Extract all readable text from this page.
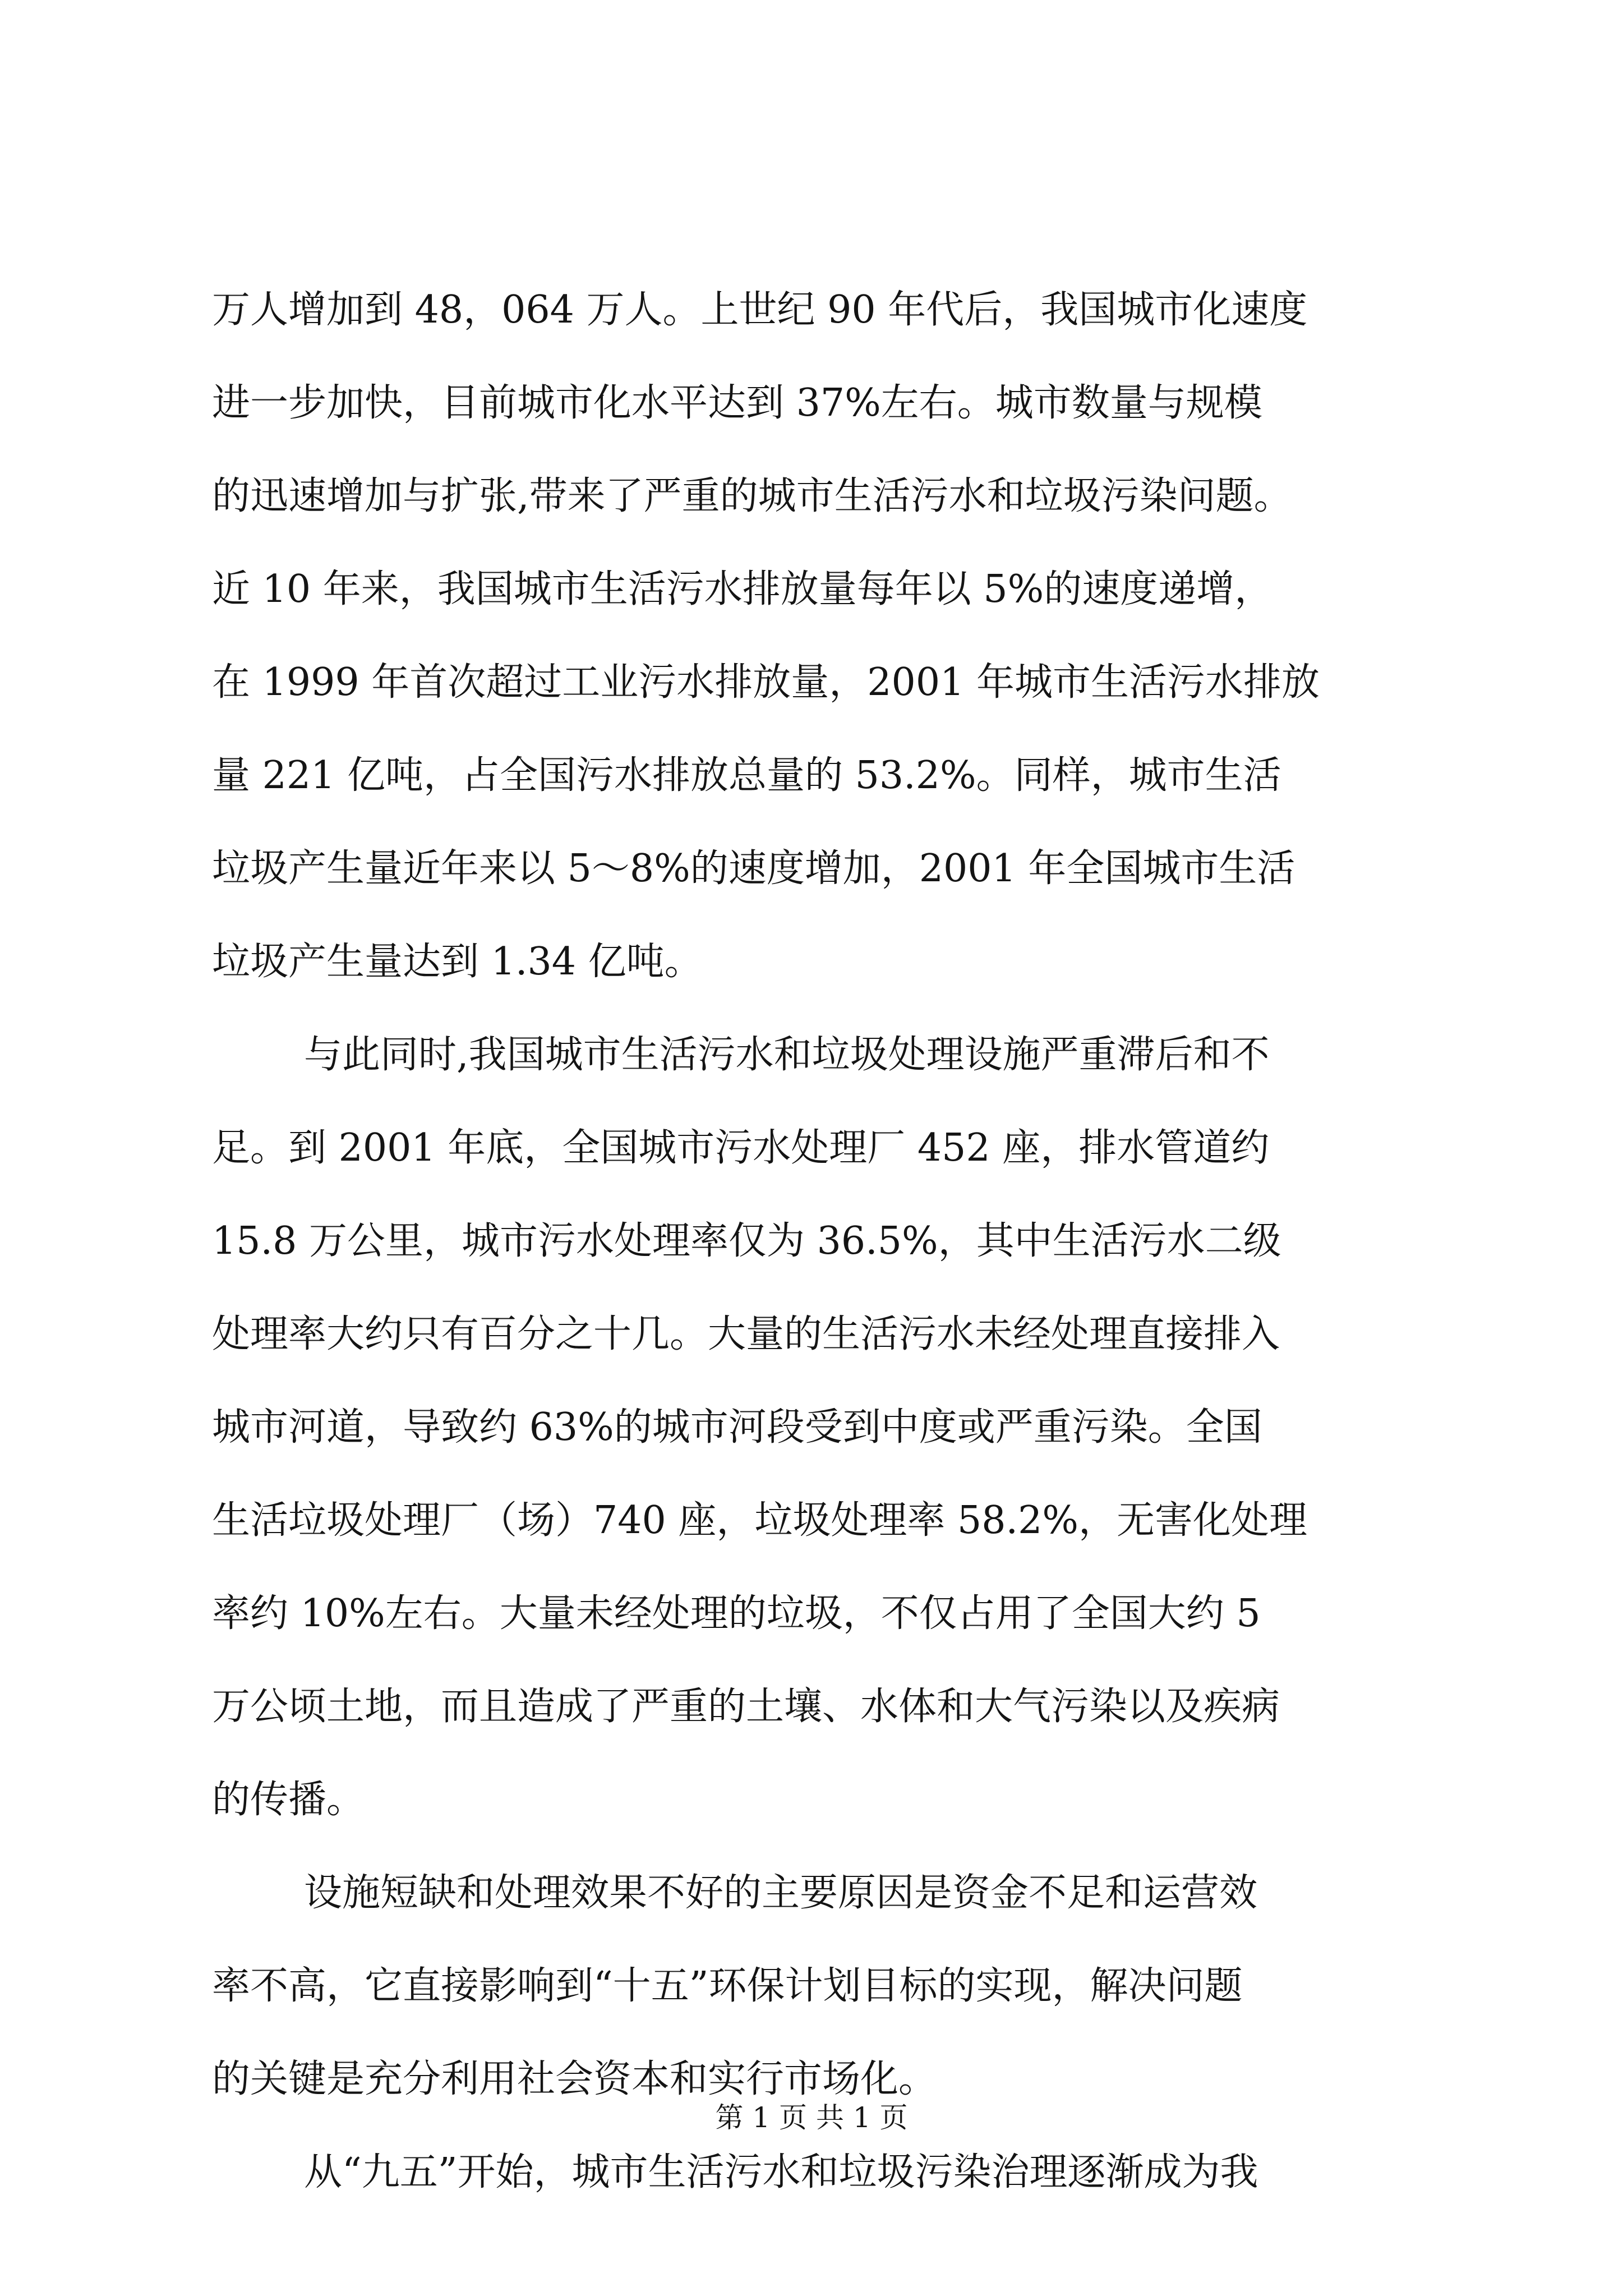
万人增加到 48，064 万人。上世纪 90 年代后，我国城市化速度
进一步加快，目前城市化水平达到 37%左右。城市数量与规模
的迅速增加与扩张,带来了严重的城市生活污水和垃圾污染问题。
近 10 年来，我国城市生活污水排放量每年以 5%的速度递增，
在 1999 年首次超过工业污水排放量，2001 年城市生活污水排放
量 221 亿吨，占全国污水排放总量的 53.2%。同样，城市生活
垃圾产生量近年来以 5～8%的速度增加，2001 年全国城市生活
垃圾产生量达到 1.34 亿吨。
与此同时,我国城市生活污水和垃圾处理设施严重滞后和不
足。到 2001 年底，全国城市污水处理厂 452 座，排水管道约
15.8 万公里，城市污水处理率仅为 36.5%，其中生活污水二级
处理率大约只有百分之十几。大量的生活污水未经处理直接排入
城市河道，导致约 63%的城市河段受到中度或严重污染。全国
生活垃圾处理厂（场）740 座，垃圾处理率 58.2%，无害化处理
率约 10%左右。大量未经处理的垃圾，不仅占用了全国大约 5
万公顷土地，而且造成了严重的土壤、水体和大气污染以及疾病
的传播。
设施短缺和处理效果不好的主要原因是资金不足和运营效
率不高，它直接影响到“十五”环保计划目标的实现，解决问题
的关键是充分利用社会资本和实行市场化。
从“九五”开始，城市生活污水和垃圾污染治理逐渐成为我
第 1 页 共 1 页
